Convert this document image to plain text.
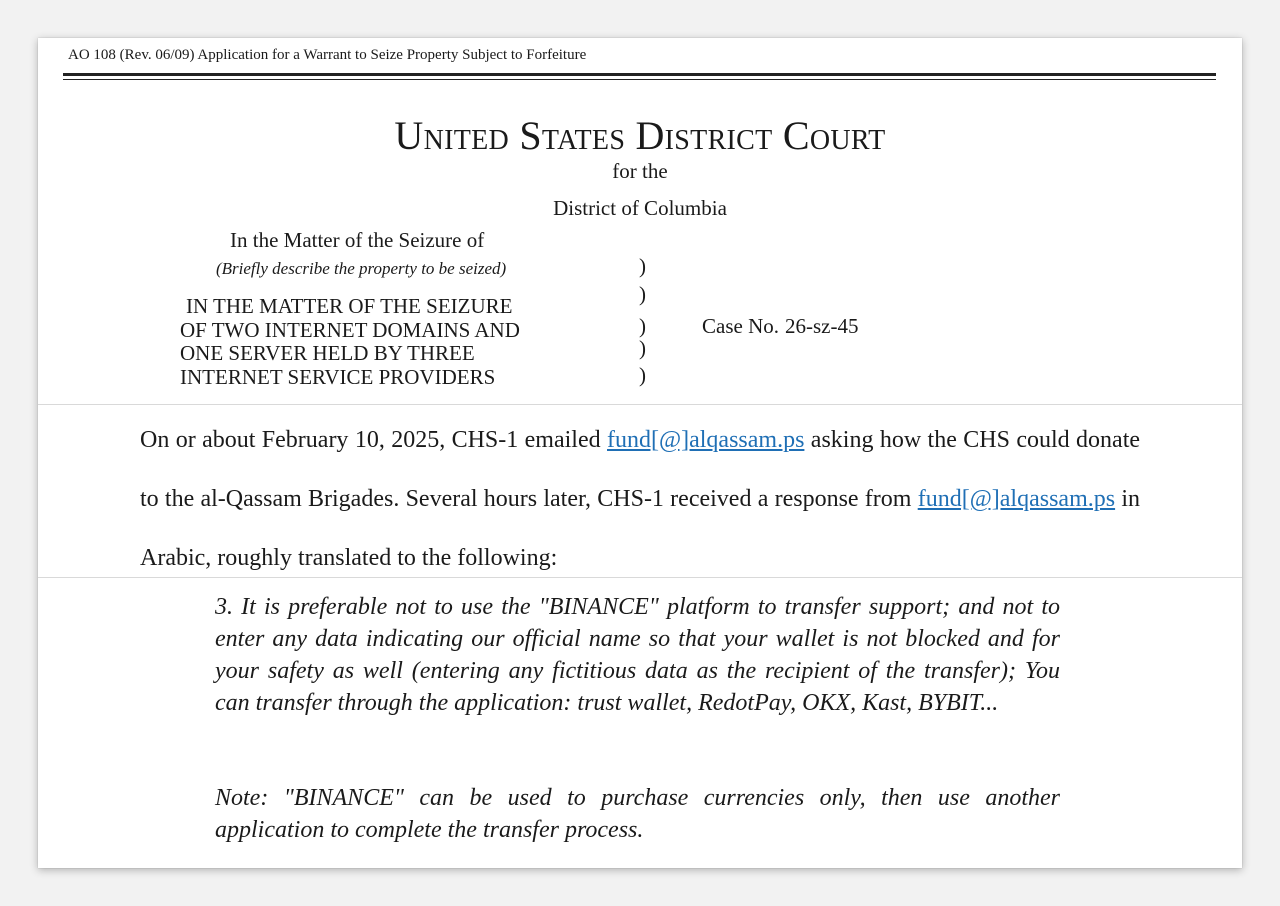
AO 108 (Rev. 06/09) Application for a Warrant to Seize Property Subject to Forfeiture
United States District Court
for the
District of Columbia
In the Matter of the Seizure of
(Briefly describe the property to be seized)
IN THE MATTER OF THE SEIZURE
OF TWO INTERNET DOMAINS AND
ONE SERVER HELD BY THREE
INTERNET SERVICE PROVIDERS
)
)
)
)
)
Case No. 26-sz-45
On or about February 10, 2025, CHS-1 emailed fund[@]alqassam.ps asking how the CHS could donate to the al-Qassam Brigades. Several hours later, CHS-1 received a response from fund[@]alqassam.ps in Arabic, roughly translated to the following:
3. It is preferable not to use the "BINANCE" platform to transfer support; and not to enter any data indicating our official name so that your wallet is not blocked and for your safety as well (entering any fictitious data as the recipient of the transfer); You can transfer through the application: trust wallet, RedotPay, OKX, Kast, BYBIT...
Note: "BINANCE" can be used to purchase currencies only, then use another application to complete the transfer process.
